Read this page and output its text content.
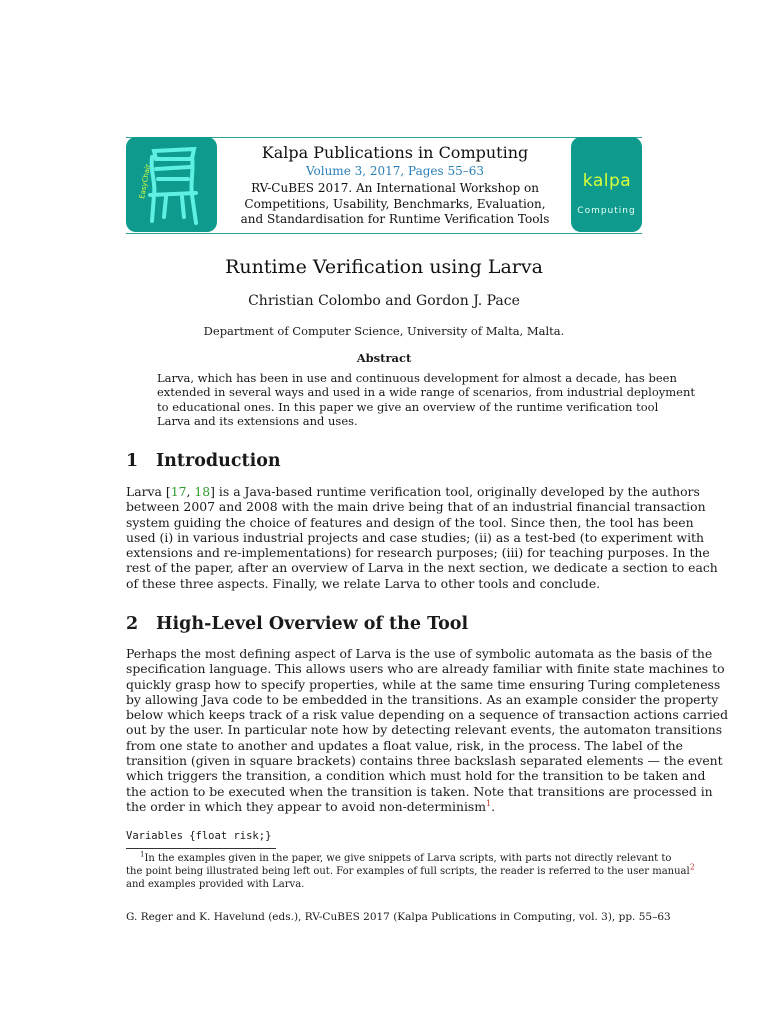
EasyChair
Kalpa Publications in Computing
Volume 3, 2017, Pages 55–63
RV-CuBES 2017. An International Workshop on
Competitions, Usability, Benchmarks, Evaluation,
and Standardisation for Runtime Verification Tools
kalpa
Computing
Runtime Verification using Larva
Christian Colombo and Gordon J. Pace
Department of Computer Science, University of Malta, Malta.
Abstract
Larva, which has been in use and continuous development for almost a decade, has been
extended in several ways and used in a wide range of scenarios, from industrial deployment
to educational ones. In this paper we give an overview of the runtime verification tool
Larva and its extensions and uses.
1 Introduction
Larva [17, 18] is a Java-based runtime verification tool, originally developed by the authors
between 2007 and 2008 with the main drive being that of an industrial financial transaction
system guiding the choice of features and design of the tool. Since then, the tool has been
used (i) in various industrial projects and case studies; (ii) as a test-bed (to experiment with
extensions and re-implementations) for research purposes; (iii) for teaching purposes. In the
rest of the paper, after an overview of Larva in the next section, we dedicate a section to each
of these three aspects. Finally, we relate Larva to other tools and conclude.
2 High-Level Overview of the Tool
Perhaps the most defining aspect of Larva is the use of symbolic automata as the basis of the
specification language. This allows users who are already familiar with finite state machines to
quickly grasp how to specify properties, while at the same time ensuring Turing completeness
by allowing Java code to be embedded in the transitions. As an example consider the property
below which keeps track of a risk value depending on a sequence of transaction actions carried
out by the user. In particular note how by detecting relevant events, the automaton transitions
from one state to another and updates a float value, risk, in the process. The label of the
transition (given in square brackets) contains three backslash separated elements — the event
which triggers the transition, a condition which must hold for the transition to be taken and
the action to be executed when the transition is taken. Note that transitions are processed in
the order in which they appear to avoid non-determinism$^1$.
Variables {float risk;}
$^1$In the examples given in the paper, we give snippets of Larva scripts, with parts not directly relevant to
the point being illustrated being left out. For examples of full scripts, the reader is referred to the user manual$^2$
and examples provided with Larva.
G. Reger and K. Havelund (eds.), RV-CuBES 2017 (Kalpa Publications in Computing, vol. 3), pp. 55–63
